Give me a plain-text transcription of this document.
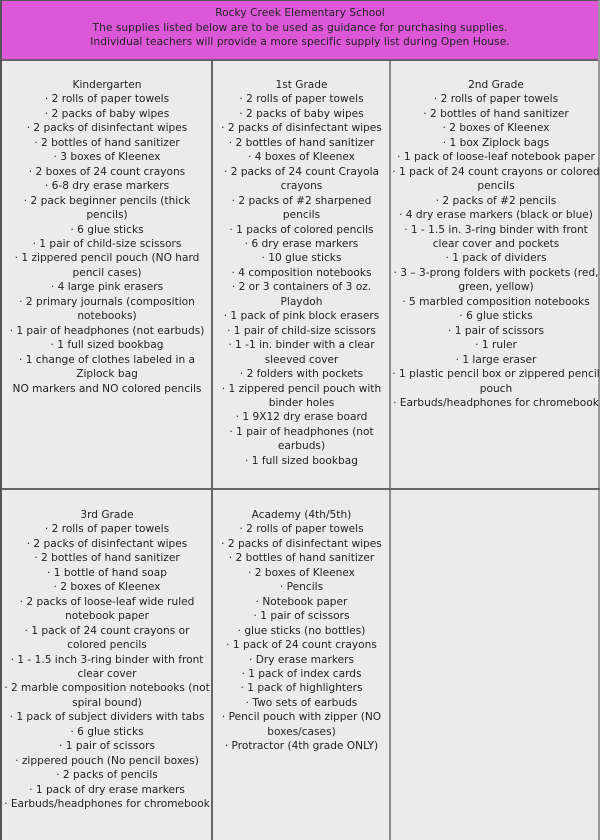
Rocky Creek Elementary School
The supplies listed below are to be used as guidance for purchasing supplies.
Individual teachers will provide a more specific supply list during Open House.
Kindergarten
· 2 rolls of paper towels
· 2 packs of baby wipes
· 2 packs of disinfectant wipes
· 2 bottles of hand sanitizer
· 3 boxes of Kleenex
· 2 boxes of 24 count crayons
· 6-8 dry erase markers
· 2 pack beginner pencils (thick pencils)
· 6 glue sticks
· 1 pair of child-size scissors
· 1 zippered pencil pouch (NO hard pencil cases)
· 4 large pink erasers
· 2 primary journals (composition notebooks)
· 1 pair of headphones (not earbuds)
· 1 full sized bookbag
· 1 change of clothes labeled in a Ziplock bag
NO markers and NO colored pencils
1st Grade
· 2 rolls of paper towels
· 2 packs of baby wipes
· 2 packs of disinfectant wipes
· 2 bottles of hand sanitizer
· 4 boxes of Kleenex
· 2 packs of 24 count Crayola crayons
· 2 packs of #2 sharpened pencils
· 1 packs of colored pencils
· 6 dry erase markers
· 10 glue sticks
· 4 composition notebooks
· 2 or 3 containers of 3 oz. Playdoh
· 1 pack of pink block erasers
· 1 pair of child-size scissors
· 1 -1 in. binder with a clear sleeved cover
· 2 folders with pockets
· 1 zippered pencil pouch with binder holes
· 1 9X12 dry erase board
· 1 pair of headphones (not earbuds)
· 1 full sized bookbag
2nd Grade
· 2 rolls of paper towels
· 2 bottles of hand sanitizer
· 2 boxes of Kleenex
· 1 box Ziplock bags
· 1 pack of loose-leaf notebook paper
· 1 pack of 24 count crayons or colored pencils
· 2 packs of #2 pencils
· 4 dry erase markers (black or blue)
· 1 - 1.5 in. 3-ring binder with front clear cover and pockets
· 1 pack of dividers
· 3 – 3-prong folders with pockets (red, green, yellow)
· 5 marbled composition notebooks
· 6 glue sticks
· 1 pair of scissors
· 1 ruler
· 1 large eraser
· 1 plastic pencil box or zippered pencil pouch
· Earbuds/headphones for chromebook
3rd Grade
· 2 rolls of paper towels
· 2 packs of disinfectant wipes
· 2 bottles of hand sanitizer
· 1 bottle of hand soap
· 2 boxes of Kleenex
· 2 packs of loose-leaf wide ruled notebook paper
· 1 pack of 24 count crayons or colored pencils
· 1 - 1.5 inch 3-ring binder with front clear cover
· 2 marble composition notebooks (not spiral bound)
· 1 pack of subject dividers with tabs
· 6 glue sticks
· 1 pair of scissors
· zippered pouch (No pencil boxes)
· 2 packs of pencils
· 1 pack of dry erase markers
· Earbuds/headphones for chromebook
Academy (4th/5th)
· 2 rolls of paper towels
· 2 packs of disinfectant wipes
· 2 bottles of hand sanitizer
· 2 boxes of Kleenex
· Pencils
· Notebook paper
· 1 pair of scissors
· glue sticks (no bottles)
· 1 pack of 24 count crayons
· Dry erase markers
· 1 pack of index cards
· 1 pack of highlighters
· Two sets of earbuds
· Pencil pouch with zipper (NO boxes/cases)
· Protractor (4th grade ONLY)
